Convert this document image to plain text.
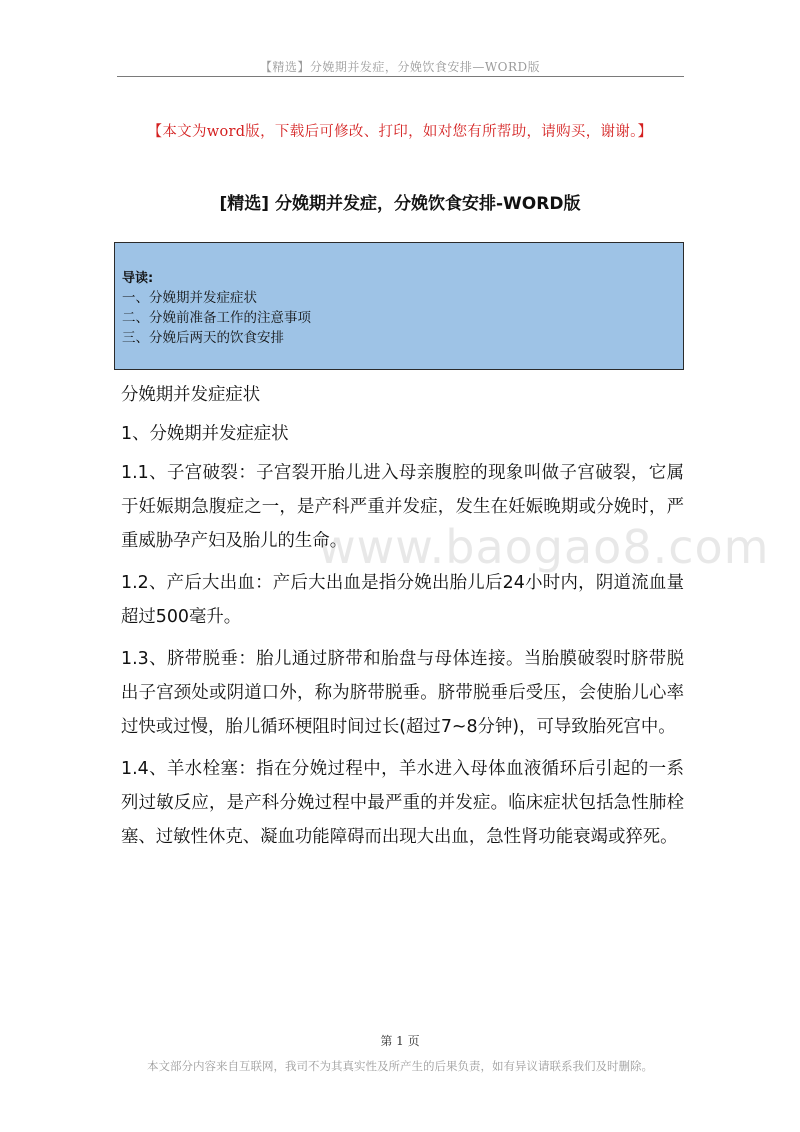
【精选】分娩期并发症，分娩饮食安排—WORD版
【本文为word版，下载后可修改、打印，如对您有所帮助，请购买，谢谢。】
[精选] 分娩期并发症，分娩饮食安排-WORD版
导读:
一、分娩期并发症症状
二、分娩前准备工作的注意事项
三、分娩后两天的饮食安排

分娩期并发症症状

1、分娩期并发症症状

1.1、子宫破裂：子宫裂开胎儿进入母亲腹腔的现象叫做子宫破裂，它属于妊娠期急腹症之一，是产科严重并发症，发生在妊娠晚期或分娩时，严重威胁孕产妇及胎儿的生命。

1.2、产后大出血：产后大出血是指分娩出胎儿后24小时内，阴道流血量超过500毫升。

1.3、脐带脱垂：胎儿通过脐带和胎盘与母体连接。当胎膜破裂时脐带脱出子宫颈处或阴道口外，称为脐带脱垂。脐带脱垂后受压，会使胎儿心率过快或过慢，胎儿循环梗阻时间过长(超过7~8分钟)，可导致胎死宫中。

1.4、羊水栓塞：指在分娩过程中，羊水进入母体血液循环后引起的一系列过敏反应，是产科分娩过程中最严重的并发症。临床症状包括急性肺栓塞、过敏性休克、凝血功能障碍而出现大出血，急性肾功能衰竭或猝死。

www.baogao8.com
第 1 页
本文部分内容来自互联网，我司不为其真实性及所产生的后果负责，如有异议请联系我们及时删除。
